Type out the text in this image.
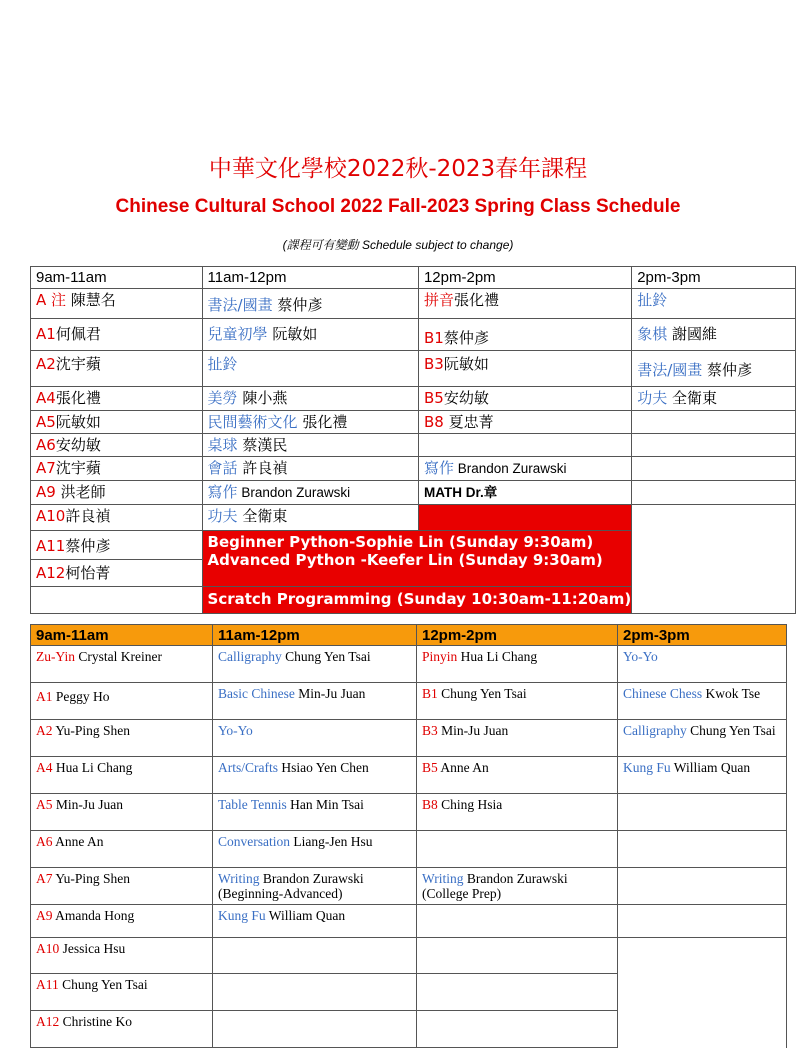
中華文化學校2022秋-2023春年課程
Chinese Cultural School 2022 Fall-2023 Spring Class Schedule
(課程可有變動 Schedule subject to change)
9am-11am	11am-12pm	12pm-2pm	2pm-3pm
A 注 陳慧名	書法/國畫 蔡仲彥	拼音張化禮	扯鈴
A1何佩君	兒童初學 阮敏如	B1蔡仲彥	象棋 謝國維
A2沈宇蘋	扯鈴	B3阮敏如	書法/國畫 蔡仲彥
A4張化禮	美勞 陳小燕	B5安幼敏	功夫 全衛東
A5阮敏如	民間藝術文化 張化禮	B8 夏忠菁	
A6安幼敏	桌球 蔡漢民		
A7沈宇蘋	會話 許良禎	寫作 Brandon Zurawski	
A9 洪老師	寫作 Brandon Zurawski	MATH Dr.章	
A10許良禎	功夫 全衛東		
A11蔡仲彥	Beginner Python-Sophie Lin (Sunday 9:30am)
Advanced Python -Keefer Lin (Sunday 9:30am)		

A12柯怡菁			
	Scratch Programming (Sunday 10:30am-11:20am)		
9am-11am	11am-12pm	12pm-2pm	2pm-3pm
Zu-Yin Crystal Kreiner	Calligraphy Chung Yen Tsai	Pinyin Hua Li Chang	Yo-Yo
A1 Peggy Ho	Basic Chinese Min-Ju Juan	B1 Chung Yen Tsai	Chinese Chess Kwok Tse
A2 Yu-Ping Shen	Yo-Yo	B3 Min-Ju Juan	Calligraphy Chung Yen Tsai
A4 Hua Li Chang	Arts/Crafts Hsiao Yen Chen	B5 Anne An	Kung Fu William Quan
A5 Min-Ju Juan	Table Tennis Han Min Tsai	B8 Ching Hsia	
A6 Anne An	Conversation Liang-Jen Hsu		
A7 Yu-Ping Shen	Writing Brandon Zurawski (Beginning-Advanced)	Writing Brandon Zurawski (College Prep)	
A9 Amanda Hong	Kung Fu William Quan		
A10 Jessica Hsu			
A11 Chung Yen Tsai			
A12 Christine Ko			
